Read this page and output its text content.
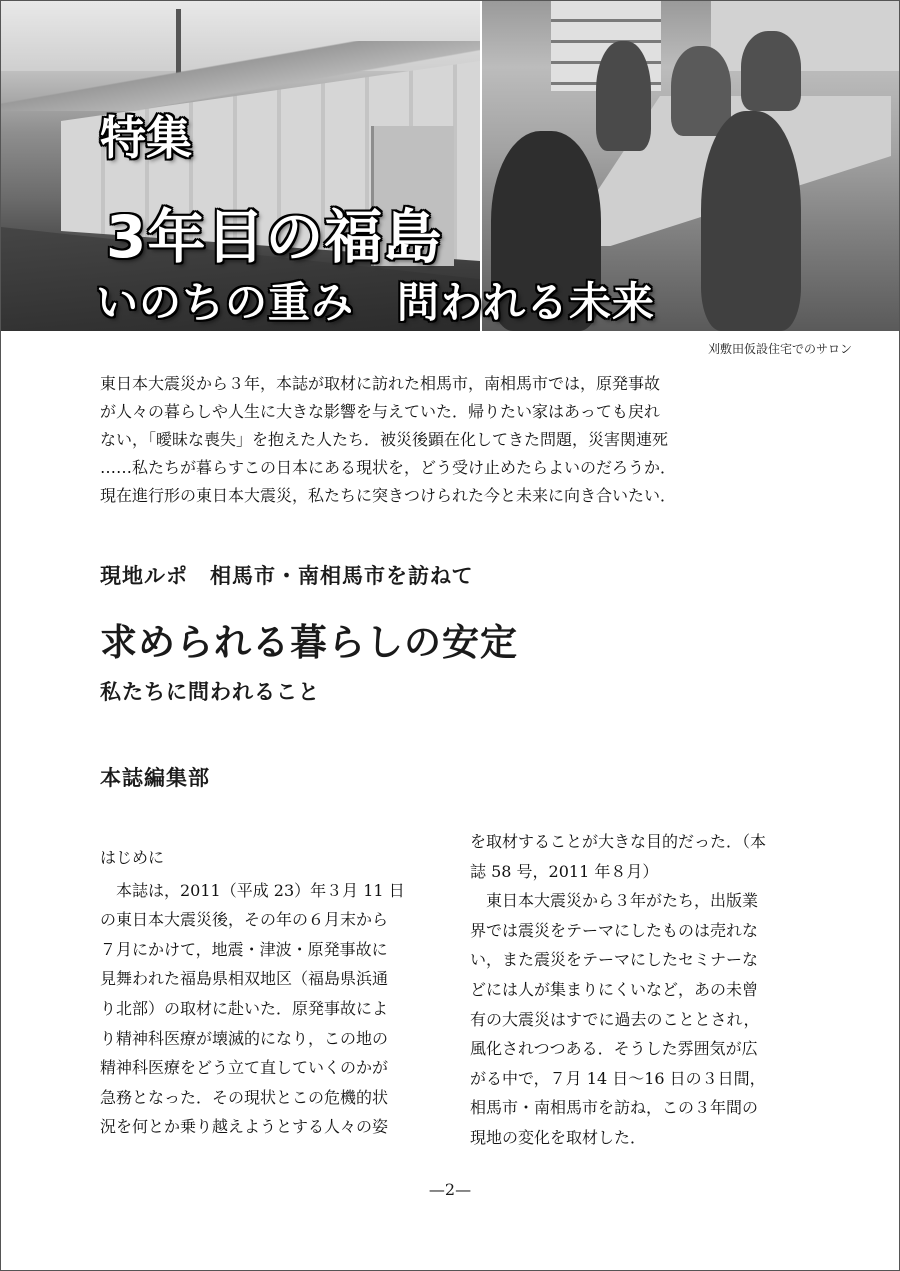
特集
3年目の福島
いのちの重み　問われる未来
刈敷田仮設住宅でのサロン

東日本大震災から３年，本誌が取材に訪れた相馬市，南相馬市では，原発事故
が人々の暮らしや人生に大きな影響を与えていた．帰りたい家はあっても戻れ
ない，「曖昧な喪失」を抱えた人たち．被災後顕在化してきた問題，災害関連死
……私たちが暮らすこの日本にある現状を，どう受け止めたらよいのだろうか．
現在進行形の東日本大震災，私たちに突きつけられた今と未来に向き合いたい．

現地ルポ　相馬市・南相馬市を訪ねて
求められる暮らしの安定
私たちに問われること
本誌編集部
はじめに
　本誌は，2011（平成 23）年３月 11 日
の東日本大震災後，その年の６月末から
７月にかけて，地震・津波・原発事故に
見舞われた福島県相双地区（福島県浜通
り北部）の取材に赴いた．原発事故によ
り精神科医療が壊滅的になり，この地の
精神科医療をどう立て直していくのかが
急務となった．その現状とこの危機的状
況を何とか乗り越えようとする人々の姿
を取材することが大きな目的だった．（本
誌 58 号，2011 年８月）
　東日本大震災から３年がたち，出版業
界では震災をテーマにしたものは売れな
い，また震災をテーマにしたセミナーな
どには人が集まりにくいなど，あの未曾
有の大震災はすでに過去のこととされ，
風化されつつある．そうした雰囲気が広
がる中で，７月 14 日～16 日の３日間，
相馬市・南相馬市を訪ね，この３年間の
現地の変化を取材した．
—2—
